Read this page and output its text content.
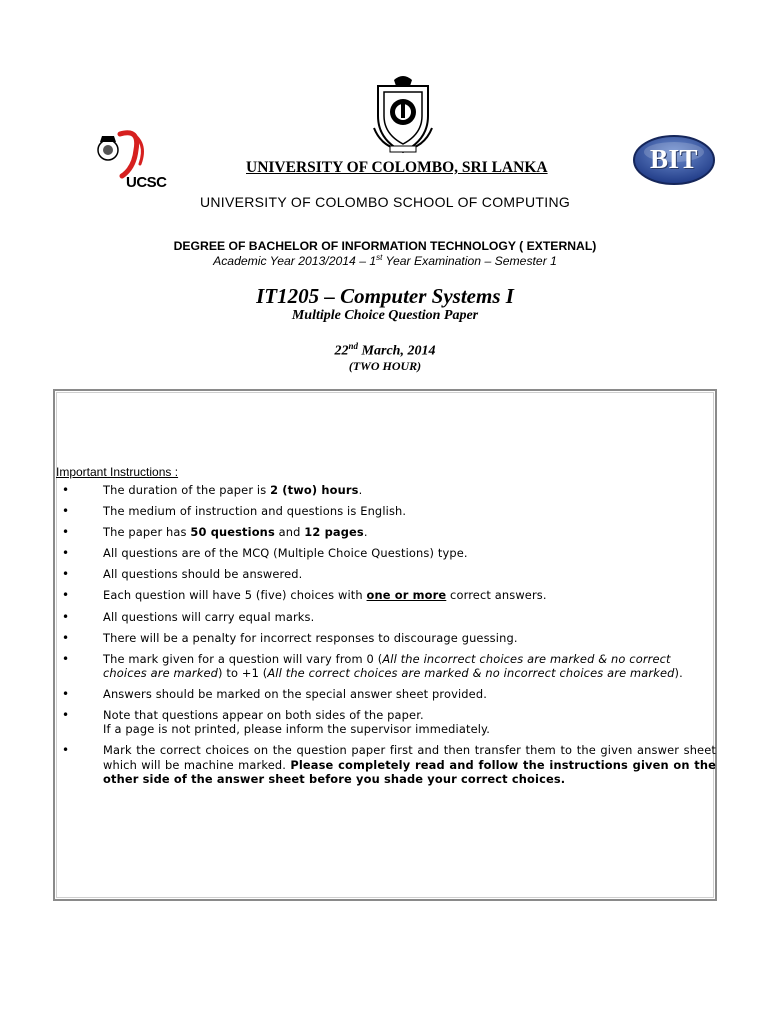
UCSC
BIT
UNIVERSITY OF COLOMBO, SRI LANKA
UNIVERSITY OF COLOMBO SCHOOL OF COMPUTING
DEGREE OF BACHELOR OF INFORMATION TECHNOLOGY ( EXTERNAL)
Academic Year 2013/2014 – 1st Year Examination – Semester 1
IT1205 – Computer Systems I
Multiple Choice Question Paper
22nd March, 2014
(TWO HOUR)
Important Instructions :
• The duration of the paper is 2 (two) hours.
• The medium of instruction and questions is English.
• The paper has 50 questions and 12 pages.
• All questions are of the MCQ (Multiple Choice Questions) type.
• All questions should be answered.
• Each question will have 5 (five) choices with one or more correct answers.
• All questions will carry equal marks.
• There will be a penalty for incorrect responses to discourage guessing.
• The mark given for a question will vary from 0 (All the incorrect choices are marked & no correct choices are marked) to +1 (All the correct choices are marked & no incorrect choices are marked).
• Answers should be marked on the special answer sheet provided.
• Note that questions appear on both sides of the paper.
If a page is not printed, please inform the supervisor immediately.
• Mark the correct choices on the question paper first and then transfer them to the given answer sheet which will be machine marked. Please completely read and follow the instructions given on the other side of the answer sheet before you shade your correct choices.
